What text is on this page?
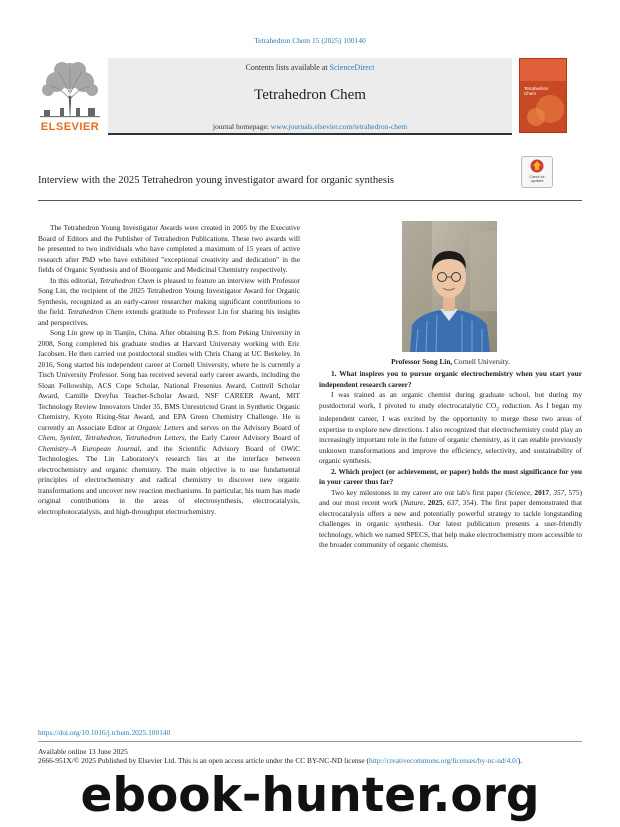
Tetrahedron Chem 15 (2025) 100140
Contents lists available at ScienceDirect
Tetrahedron Chem
journal homepage: www.journals.elsevier.com/tetrahedron-chem
ELSEVIER
Tetrahedron
Chem
Check for
updates
Interview with the 2025 Tetrahedron young investigator award for organic synthesis

The Tetrahedron Young Investigator Awards were created in 2005 by the Executive Board of Editors and the Publisher of Tetrahedron Publications. These two awards will be presented to two individuals who have completed a maximum of 15 years of active research after PhD who have exhibited "exceptional creativity and dedication" in the fields of Organic Synthesis and of Bioorganic and Medicinal Chemistry respectively.

In this editorial, Tetrahedron Chem is pleased to feature an interview with Professor Song Lin, the recipient of the 2025 Tetrahedron Young Investigator Award for Organic Synthesis, recognized as an early-career researcher making significant contributions to the field. Tetrahedron Chem extends gratitude to Professor Lin for sharing his insights and perspectives.

Song Lin grew up in Tianjin, China. After obtaining B.S. from Peking University in 2008, Song completed his graduate studies at Harvard University working with Eric Jacobsen. He then carried out postdoctoral studies with Chris Chang at UC Berkeley. In 2016, Song started his independent career at Cornell University, where he is currently a Tisch University Professor. Song has received several early career awards, including the Sloan Fellowship, ACS Cope Scholar, National Fresenius Award, Cottrell Scholar Award, Camille Dreyfus Teacher-Scholar Award, NSF CAREER Award, MIT Technology Review Innovators Under 35, BMS Unrestricted Grant in Synthetic Organic Chemistry, Kyoto Rising-Star Award, and EPA Green Chemistry Challenge. He is currently an Associate Editor at Organic Letters and serves on the Advisory Board of Chem, Synlett, Tetrahedron, Tetrahedron Letters, the Early Career Advisory Board of Chemistry–A European Journal, and the Scientific Advisory Board of OWiC Technologies. The Lin Laboratory's research lies at the interface between electrochemistry and organic chemistry. The main objective is to use fundamental principles of electrochemistry and radical chemistry to discover new organic transformations and uncover new reaction mechanisms. In particular, his team has made original contributions in the areas of electrosynthesis, electrocatalysis, electrophotocatalysis, and high-throughput electrochemistry.

Professor Song Lin, Cornell University.

1. What inspires you to pursue organic electrochemistry when you start your independent research career?

I was trained as an organic chemist during graduate school, but during my postdoctoral work, I pivoted to study electrocatalytic $CO_2$ reduction. As I began my independent career, I was excited by the opportunity to merge these two areas of expertise to explore new directions. I also recognized that electrochemistry could play an increasingly important role in the future of organic chemistry, as it can enable previously unknown transformations and improve the efficiency, selectivity, and sustainability of organic synthesis.

2. Which project (or achievement, or paper) holds the most significance for you in your career thus far?

Two key milestones in my career are our lab's first paper (Science, 2017, 357, 575) and our most recent work (Nature, 2025, 637, 354). The first paper demonstrated that electrocatalysis offers a new and potentially powerful strategy to tackle longstanding challenges in organic synthesis. Our latest publication presents a user-friendly technology, which we named SPECS, that help make electrochemistry more accessible to the broader community of organic chemists.

https://doi.org/10.1016/j.tchem.2025.100140
Available online 13 June 2025
2666-951X/© 2025 Published by Elsevier Ltd. This is an open access article under the CC BY-NC-ND license (http://creativecommons.org/licenses/by-nc-nd/4.0/).
ebook-hunter.org
